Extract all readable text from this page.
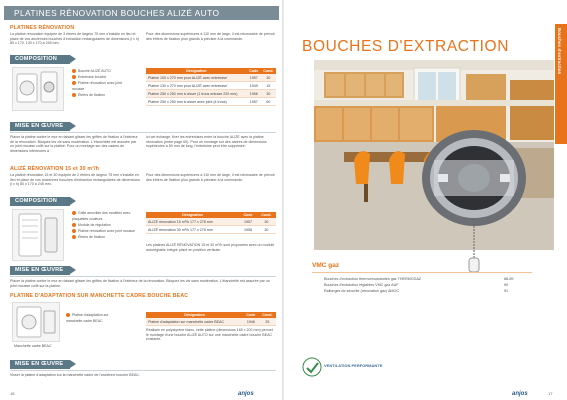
PLATINES RÉNOVATION BOUCHES ALIZÉ AUTO
PLATINES RÉNOVATION
La platine rénovation équipée de 3 étriers de largeur 75 mm s'installe en lieu et place de vos anciennes bouches d'extraction rectangulaires de dimensions (l x h) 80 x 170, 130 x 170 à 245 mm.
Pour des dimensions supérieures à 110 mm de large, il est nécessaire de prévoir des étriers de fixation plus grands à préciser à la commande.
COMPOSITION
Bouche ALIZÉ AUTO
Entretoise bouche
Platine rénovation avec joint mousse
Étriers de fixation
Désignation	Code	Cond.
Platine 100 x 270 mm pour ALIZÉ avec entretoise	1957	30
Platine 130 x 270 mm pour ALIZÉ avec entretoise	1949	15
Platine 250 x 250 mm à visser (1 trous entraxe 220 mm)	1956	30
Platine 250 x 250 mm à visser avec joint (4 trous)	1957	60
MISE EN ŒUVRE
Placer la platine contre le mur en faisant glisser les griffes de fixation à l'intérieur de la rénovation. Bloquez les vis sans modération. L'étanchéité est assurée par un joint mousse collé sur la platine. Pour un montage sur des cadres de dimensions inférieures à
Ici cet échange, fixer les entretoises entre la bouche ALIZÉ avec la platine rénovation (entre page 60). Pour un montage sur des cadres de dimensions supérieures à 50 mm de long, l'entretoise peut être supprimée.
ALIZÉ RÉNOVATION 15 et 30 m³/h
La platine rénovation 15 et 30 équipée de 2 étriers de largeur 75 mm s'installe en lieu et place de vos anciennes bouches d'extraction rectangulaires de dimensions (l x h) 80 x 170 à 245 mm.
Pour des dimensions supérieures à 110 mm de large, il est nécessaire de prévoir des étriers de fixation plus grands à préciser à la commande.
COMPOSITION
Grille amovible des modèles avec plaquettes couleurs
Module de régulation
Platine rénovation avec joint mousse
Étriers de fixation
Désignation	Code	Cond.
ALIZÉ rénovation 15 m³/h 177 x 278 mm	1957	30
ALIZÉ rénovation 30 m³/h 177 x 278 mm	1958	30
Les platines ALIZÉ RÉNOVATION 15 et 30 m³/h sont proposées avec un module autoréglable intégré placé en position verticale.
MISE EN ŒUVRE
Placer la platine contre le mur en faisant glisser les griffes de fixation à l'intérieur de la rénovation. Bloquez les vis sans modération. L'étanchéité est assurée par un joint mousse collé sur la platine.
PLATINE D'ADAPTATION SUR MANCHETTE CADRE BOUCHE BEAC
Platine d'adaptation sur manchette cadre BEAC
Manchette cadre BEAC
Désignation	Code	Cond.
Platine d'adaptation sur manchette cadre BEAC	1946	25
Réalisée en polystyrène blanc, cette platine (dimensions 165 x 202 mm) permet le montage d'une bouche ALIZÉ AUTO sur une manchette cadre bouche BEAC existante.
MISE EN ŒUVRE
Visser la platine d'adaptation sur la manchette cadre de l'ancienne bouche BEAC.
18	anjos
Bouches d'extraction
BOUCHES D'EXTRACTION
VMC gaz
Bouches d'extraction thermomodulantes gaz THERMOGAZ	88-89
Bouches d'extraction réglables VMC gaz AUF	90
Rallonges de sécurité (rénovation gaz) AMOC	91
VENTILATION PERFORMANTE
anjos	17
